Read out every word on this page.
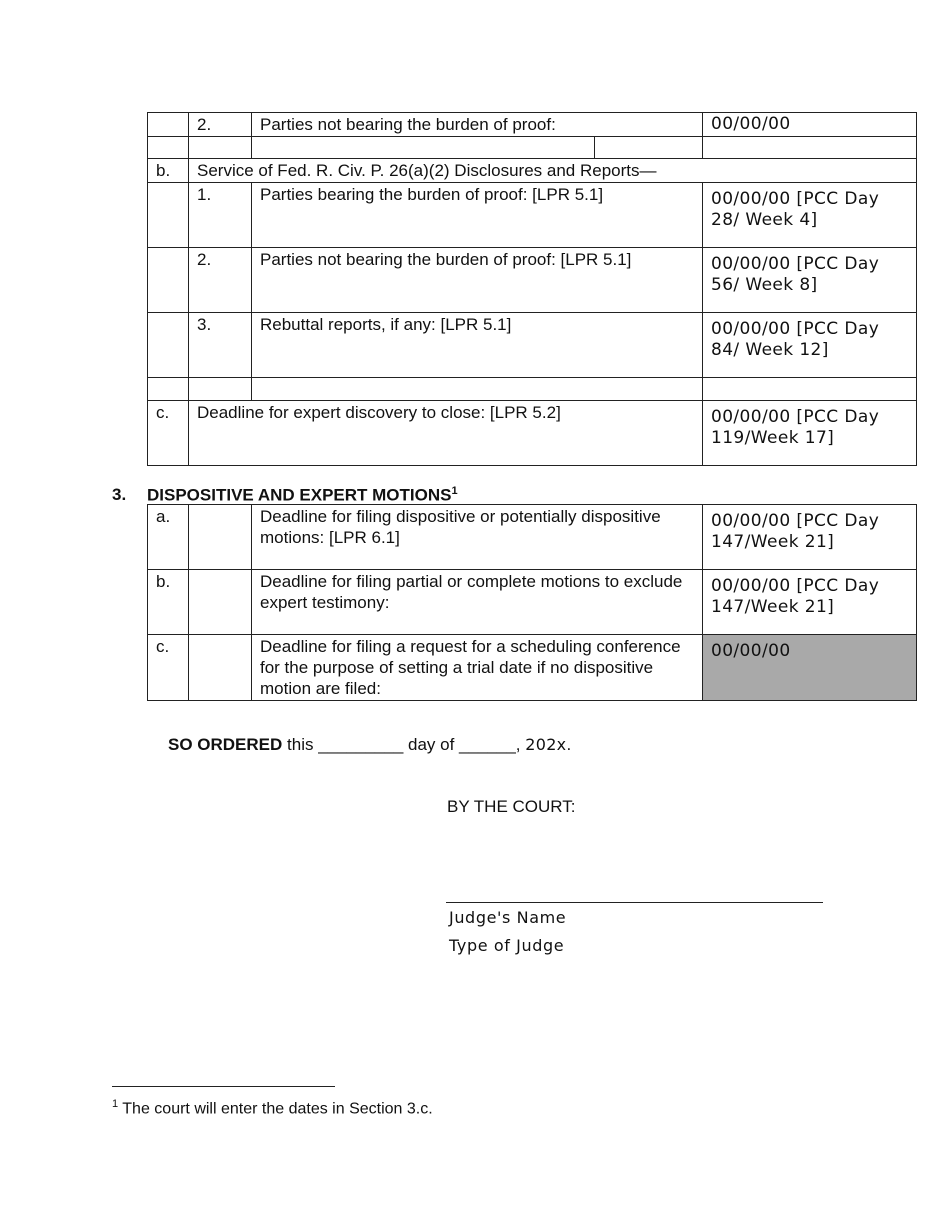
	2.	Parties not bearing the burden of proof:		00/00/00

b.	Service of Fed. R. Civ. P. 26(a)(2) Disclosures and Reports—			
	1.	Parties bearing the burden of proof: [LPR 5.1]		00/00/00 [PCC Day 28/ Week 4]
	2.	Parties not bearing the burden of proof: [LPR 5.1]		00/00/00 [PCC Day 56/ Week 8]
	3.	Rebuttal reports, if any: [LPR 5.1]		00/00/00 [PCC Day 84/ Week 12]

c.	Deadline for expert discovery to close: [LPR 5.2]			00/00/00 [PCC Day 119/Week 17]
3. DISPOSITIVE AND EXPERT MOTIONS$^1$
a.		Deadline for filing dispositive or potentially dispositive motions: [LPR 6.1]	00/00/00 [PCC Day 147/Week 21]
b.		Deadline for filing partial or complete motions to exclude expert testimony:	00/00/00 [PCC Day 147/Week 21]
c.		Deadline for filing a request for a scheduling conference for the purpose of setting a trial date if no dispositive motion are filed:	00/00/00
SO ORDERED this _________ day of ______, 202x.
BY THE COURT:
Judge's Name
Type of Judge
$^1$ The court will enter the dates in Section 3.c.
